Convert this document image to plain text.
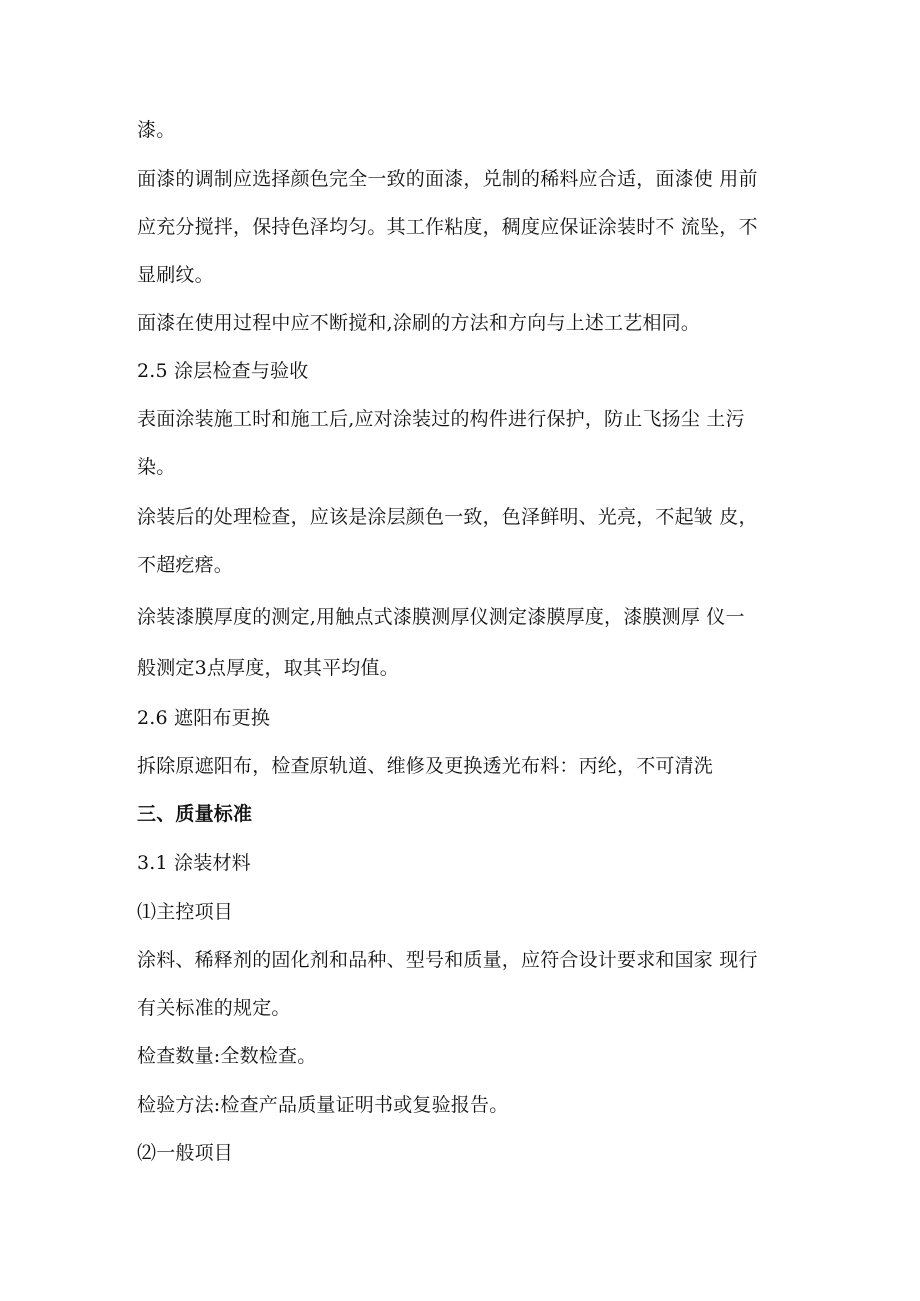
漆。
面漆的调制应选择颜色完全一致的面漆，兑制的稀料应合适，面漆使 用前
应充分搅拌，保持色泽均匀。其工作粘度，稠度应保证涂装时不 流坠，不
显刷纹。
面漆在使用过程中应不断搅和,涂刷的方法和方向与上述工艺相同。
2.5 涂层检查与验收
表面涂装施工时和施工后,应对涂装过的构件进行保护，防止飞扬尘 土污
染。
涂装后的处理检查，应该是涂层颜色一致，色泽鲜明、光亮，不起皱 皮，
不超疙瘩。
涂装漆膜厚度的测定,用触点式漆膜测厚仪测定漆膜厚度，漆膜测厚 仪一
般测定3点厚度，取其平均值。
2.6 遮阳布更换
拆除原遮阳布，检查原轨道、维修及更换透光布料：丙纶，不可清洗
三、质量标准
3.1 涂装材料
⑴主控项目
涂料、稀释剂的固化剂和品种、型号和质量，应符合设计要求和国家 现行
有关标准的规定。
检查数量:全数检查。
检验方法:检查产品质量证明书或复验报告。
⑵一般项目
